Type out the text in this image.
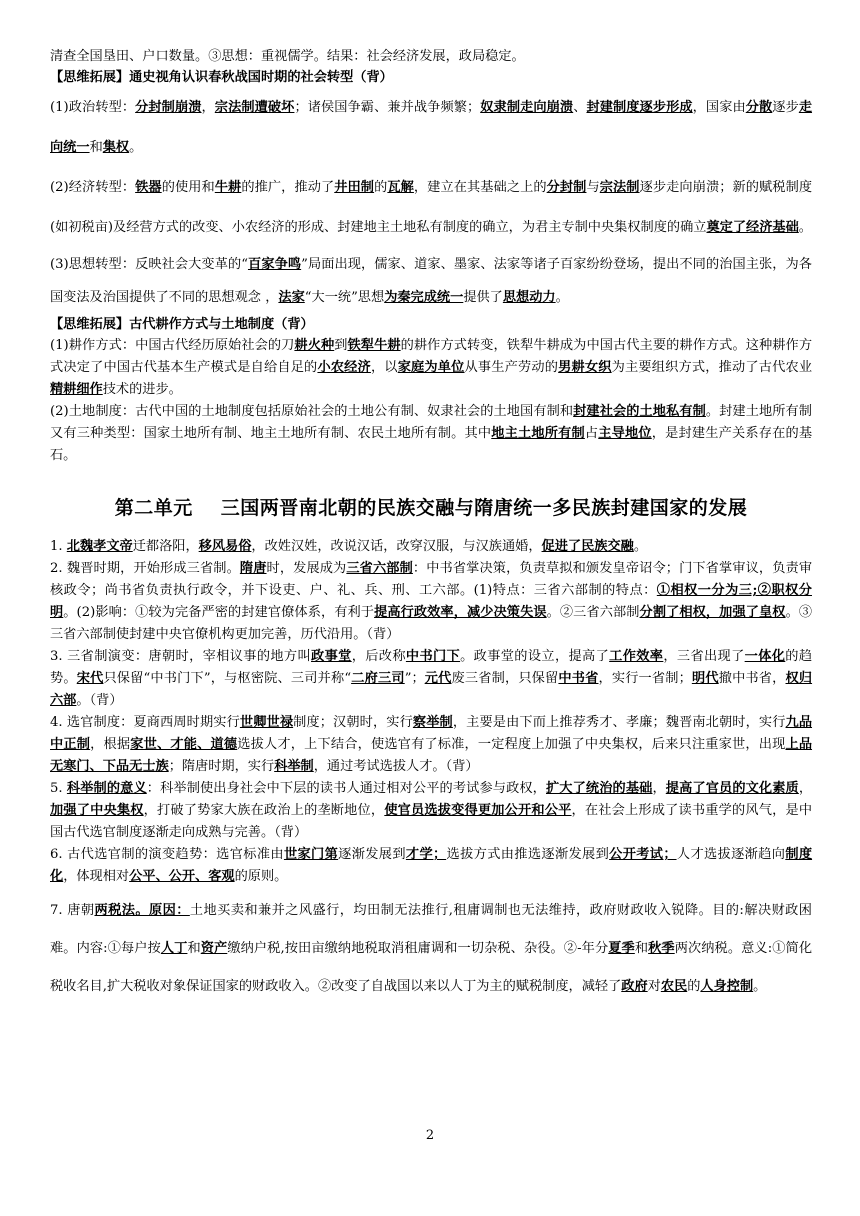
清查全国垦田、户口数量。③思想：重视儒学。结果：社会经济发展，政局稳定。

【思维拓展】通史视角认识春秋战国时期的社会转型（背）

(1)政治转型：分封制崩溃，宗法制遭破坏；诸侯国争霸、兼并战争频繁；奴隶制走向崩溃、封建制度逐步形成，国家由分散逐步走向统一和集权。

(2)经济转型：铁器的使用和牛耕的推广，推动了井田制的瓦解，建立在其基础之上的分封制与宗法制逐步走向崩溃；新的赋税制度(如初税亩)及经营方式的改变、小农经济的形成、封建地主土地私有制度的确立，为君主专制中央集权制度的确立奠定了经济基础。

(3)思想转型：反映社会大变革的“百家争鸣”局面出现，儒家、道家、墨家、法家等诸子百家纷纷登场，提出不同的治国主张，为各国变法及治国提供了不同的思想观念 ，法家“大一统”思想为秦完成统一提供了思想动力。

【思维拓展】古代耕作方式与土地制度（背）

(1)耕作方式：中国古代经历原始社会的刀耕火种到铁犁牛耕的耕作方式转变，铁犁牛耕成为中国古代主要的耕作方式。这种耕作方式决定了中国古代基本生产模式是自给自足的小农经济，以家庭为单位从事生产劳动的男耕女织为主要组织方式，推动了古代农业精耕细作技术的进步。

(2)土地制度：古代中国的土地制度包括原始社会的土地公有制、奴隶社会的土地国有制和封建社会的土地私有制。封建土地所有制又有三种类型：国家土地所有制、地主土地所有制、农民土地所有制。其中地主土地所有制占主导地位，是封建生产关系存在的基石。

第二单元 三国两晋南北朝的民族交融与隋唐统一多民族封建国家的发展

1. 北魏孝文帝迁都洛阳，移风易俗，改姓汉姓，改说汉话，改穿汉服，与汉族通婚，促进了民族交融。

2. 魏晋时期，开始形成三省制。隋唐时，发展成为三省六部制：中书省掌决策，负责草拟和颁发皇帝诏令；门下省掌审议，负责审核政令；尚书省负责执行政令，并下设吏、户、礼、兵、刑、工六部。(1)特点：三省六部制的特点：①相权一分为三;②职权分明。(2)影响：①较为完备严密的封建官僚体系，有利于提高行政效率，减少决策失误。②三省六部制分割了相权，加强了皇权。③三省六部制使封建中央官僚机构更加完善，历代沿用。（背）

3. 三省制演变：唐朝时，宰相议事的地方叫政事堂，后改称中书门下。政事堂的设立，提高了工作效率，三省出现了一体化的趋势。宋代只保留“中书门下”，与枢密院、三司并称“二府三司”；元代废三省制，只保留中书省，实行一省制；明代撤中书省，权归六部。（背）

4. 选官制度：夏商西周时期实行世卿世禄制度；汉朝时，实行察举制，主要是由下而上推荐秀才、孝廉；魏晋南北朝时，实行九品中正制，根据家世、才能、道德选拔人才，上下结合，使选官有了标准，一定程度上加强了中央集权，后来只注重家世，出现上品无寒门、下品无士族；隋唐时期，实行科举制，通过考试选拔人才。（背）

5. 科举制的意义：科举制使出身社会中下层的读书人通过相对公平的考试参与政权，扩大了统治的基础，提高了官员的文化素质，加强了中央集权，打破了势家大族在政治上的垄断地位，使官员选拔变得更加公开和公平，在社会上形成了读书重学的风气，是中国古代选官制度逐渐走向成熟与完善。（背）

6. 古代选官制的演变趋势：选官标准由世家门第逐渐发展到才学；选拔方式由推选逐渐发展到公开考试；人才选拔逐渐趋向制度化，体现相对公平、公开、客观的原则。

7. 唐朝两税法。原因：土地买卖和兼并之风盛行，均田制无法推行,租庸调制也无法维持，政府财政收入锐降。目的:解决财政困难。内容:①每户按人丁和资产缴纳户税,按田亩缴纳地税取消租庸调和一切杂税、杂役。②-年分夏季和秋季两次纳税。意义:①简化税收名目,扩大税收对象保证国家的财政收入。②改变了自战国以来以人丁为主的赋税制度，减轻了政府对农民的人身控制。

2
